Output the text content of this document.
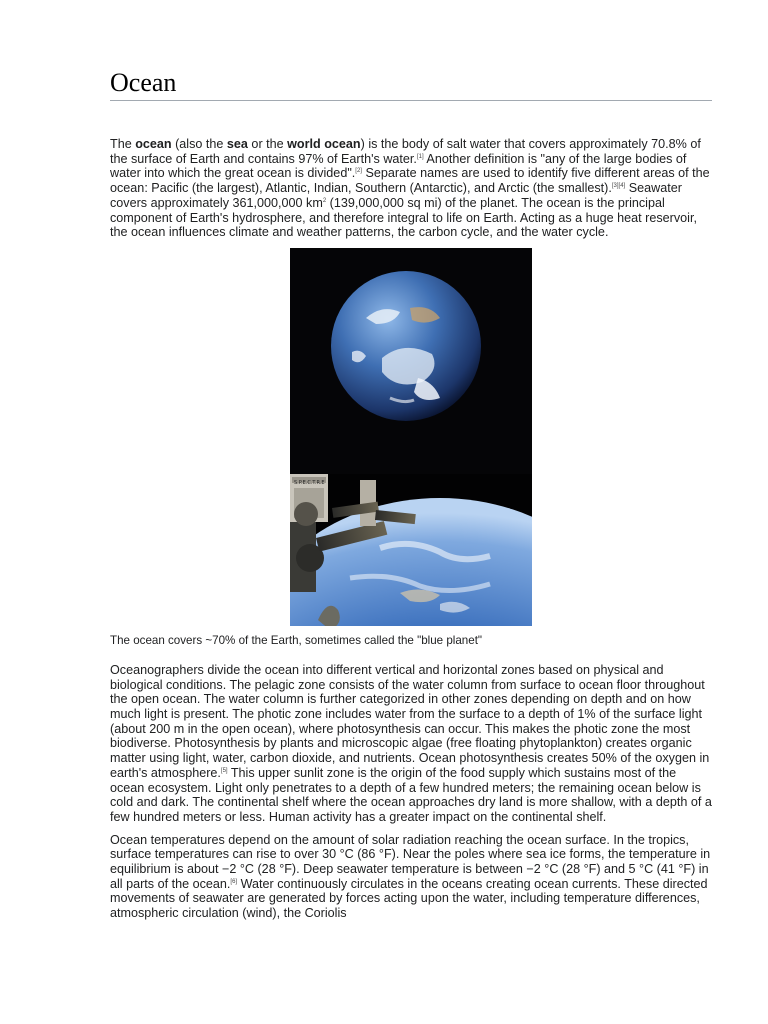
Ocean

The ocean (also the sea or the world ocean) is the body of salt water that covers approximately 70.8% of the surface of Earth and contains 97% of Earth's water.[1] Another definition is "any of the large bodies of water into which the great ocean is divided".[2] Separate names are used to identify five different areas of the ocean: Pacific (the largest), Atlantic, Indian, Southern (Antarctic), and Arctic (the smallest).[3][4] Seawater covers approximately 361,000,000 $km^2$ (139,000,000 sq mi) of the planet. The ocean is the principal component of Earth's hydrosphere, and therefore integral to life on Earth. Acting as a huge heat reservoir, the ocean influences climate and weather patterns, the carbon cycle, and the water cycle.

S.P.E.C.T.R.E

The ocean covers ~70% of the Earth, sometimes called the "blue planet"

Oceanographers divide the ocean into different vertical and horizontal zones based on physical and biological conditions. The pelagic zone consists of the water column from surface to ocean floor throughout the open ocean. The water column is further categorized in other zones depending on depth and on how much light is present. The photic zone includes water from the surface to a depth of 1% of the surface light (about 200 m in the open ocean), where photosynthesis can occur. This makes the photic zone the most biodiverse. Photosynthesis by plants and microscopic algae (free floating phytoplankton) creates organic matter using light, water, carbon dioxide, and nutrients. Ocean photosynthesis creates 50% of the oxygen in earth's atmosphere.[5] This upper sunlit zone is the origin of the food supply which sustains most of the ocean ecosystem. Light only penetrates to a depth of a few hundred meters; the remaining ocean below is cold and dark. The continental shelf where the ocean approaches dry land is more shallow, with a depth of a few hundred meters or less. Human activity has a greater impact on the continental shelf.

Ocean temperatures depend on the amount of solar radiation reaching the ocean surface. In the tropics, surface temperatures can rise to over 30 °C (86 °F). Near the poles where sea ice forms, the temperature in equilibrium is about −2 °C (28 °F). Deep seawater temperature is between −2 °C (28 °F) and 5 °C (41 °F) in all parts of the ocean.[6] Water continuously circulates in the oceans creating ocean currents. These directed movements of seawater are generated by forces acting upon the water, including temperature differences, atmospheric circulation (wind), the Coriolis
